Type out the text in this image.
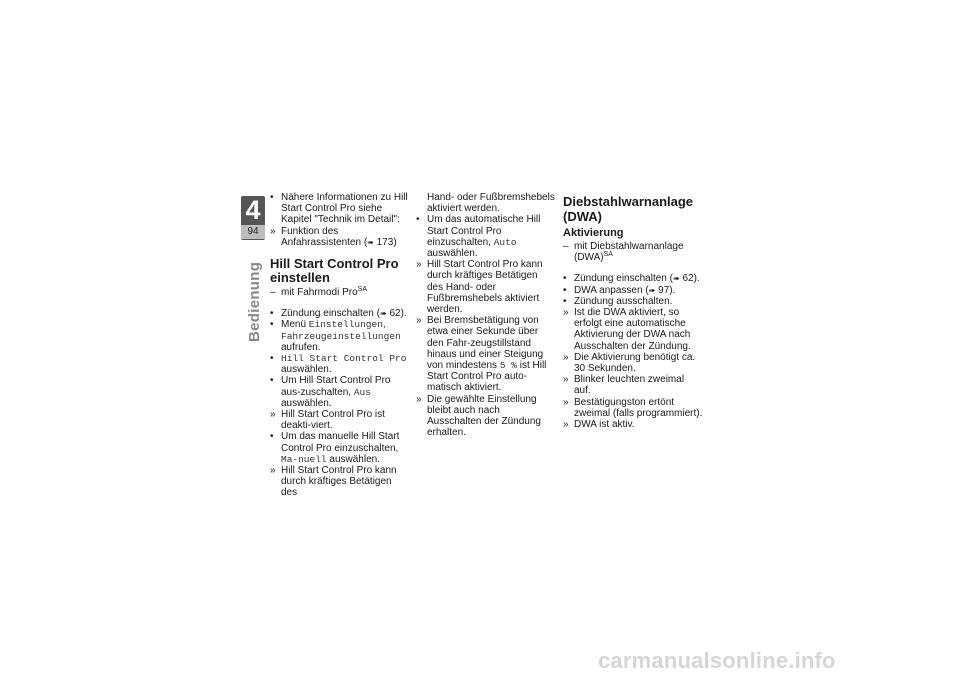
4
94
Bedienung
• Nähere Informationen zu Hill Start Control Pro siehe Kapitel "Technik im Detail":
» Funktion des Anfahrassistenten (➠ 173)
Hill Start Control Pro einstellen
– mit Fahrmodi Pro$^{SA}$
• Zündung einschalten (➠ 62).
• Menü Einstellungen, Fahrzeugeinstellungen aufrufen.
• Hill Start Control Pro auswählen.
• Um Hill Start Control Pro aus-zuschalten, Aus auswählen.
» Hill Start Control Pro ist deakti-viert.
• Um das manuelle Hill Start Control Pro einzuschalten, Ma-nuell auswählen.
» Hill Start Control Pro kann durch kräftiges Betätigen des
Hand- oder Fußbremshebels aktiviert werden.
• Um das automatische Hill Start Control Pro einzuschalten, Auto auswählen.
» Hill Start Control Pro kann durch kräftiges Betätigen des Hand- oder Fußbremshebels aktiviert werden.
» Bei Bremsbetätigung von etwa einer Sekunde über den Fahr-zeugstillstand hinaus und einer Steigung von mindestens 5 % ist Hill Start Control Pro auto-matisch aktiviert.
» Die gewählte Einstellung bleibt auch nach Ausschalten der Zündung erhalten.
Diebstahlwarnanlage (DWA)
Aktivierung
– mit Diebstahlwarnanlage (DWA)$^{SA}$
• Zündung einschalten (➠ 62).
• DWA anpassen (➠ 97).
• Zündung ausschalten.
» Ist die DWA aktiviert, so erfolgt eine automatische Aktivierung der DWA nach Ausschalten der Zündung.
» Die Aktivierung benötigt ca. 30 Sekunden.
» Blinker leuchten zweimal auf.
» Bestätigungston ertönt zweimal (falls programmiert).
» DWA ist aktiv.
carmanualsonline.info
